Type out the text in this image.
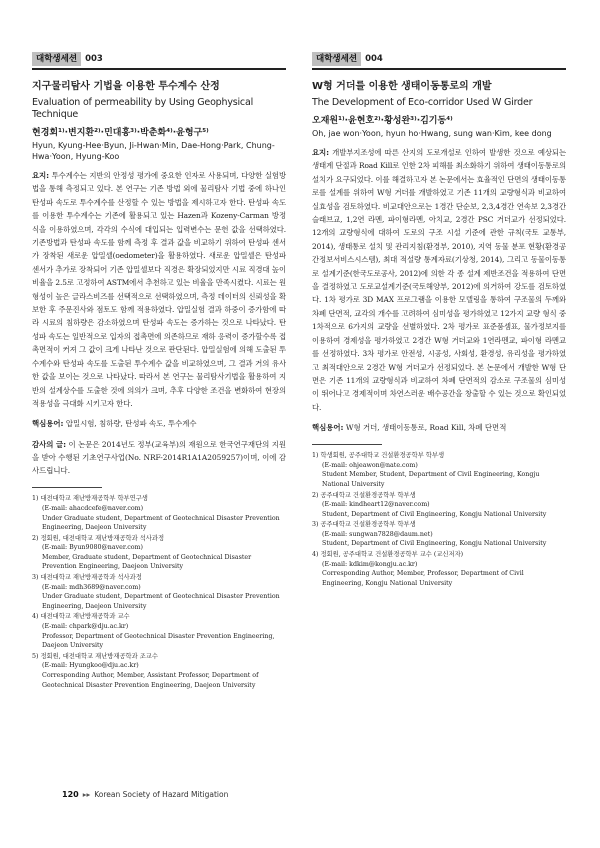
대학생세션 003
지구물리탐사 기법을 이용한 투수계수 산정
Evaluation of permeability by Using Geophysical Technique
현경회¹⁾·변지환²⁾·민대홍³⁾·박춘화⁴⁾·윤형구⁵⁾
Hyun, Kyung-Hee·Byun, Ji-Hwan·Min, Dae-Hong·Park, Chung-Hwa·Yoon, Hyung-Koo
요지: 투수계수는 지반의 안정성 평가에 중요한 인자로 사용되며, 다양한 실험방법을 통해 측정되고 있다. 본 연구는 기존 방법 외에 물리탐사 기법 중에 하나인 탄성파 속도로 투수계수를 산정할 수 있는 방법을 제시하고자 한다. 탄성파 속도를 이용한 투수계수는 기존에 활용되고 있는 Hazen과 Kozeny-Carman 방정식을 이용하였으며, 각각의 수식에 대입되는 입력변수는 문헌 값을 선택하였다. 기존방법과 탄성파 속도를 함께 측정 후 결과 값을 비교하기 위하여 탄성파 센서가 장착된 새로운 압밀셀(oedometer)을 활용하였다. 새로운 압밀셀은 탄성파 센서가 추가로 장착되어 기존 압밀셀보다 직경은 확장되었지만 시료 직경대 높이 비율을 2.5로 고정하여 ASTM에서 추천하고 있는 비율을 만족시켰다. 시료는 원형성이 높은 글라스비즈를 선택적으로 선택하였으며, 측정 데이터의 신뢰성을 확보한 후 주문진사와 점토도 함께 적용하였다. 압밀실험 결과 하중이 증가함에 따라 시료의 침하량은 감소하였으며 탄성파 속도는 증가하는 것으로 나타났다. 탄성파 속도는 일반적으로 입자의 접촉면에 의존하므로 재하 응력이 증가할수록 접촉면적이 커져 그 값이 크게 나타난 것으로 판단된다. 압밀실험에 의해 도출된 투수계수와 탄성파 속도를 도출된 투수계수 값을 비교하였으며, 그 결과 거의 유사한 값을 보이는 것으로 나타났다. 따라서 본 연구는 물리탐사기법을 활용하여 지반의 설계상수를 도출한 것에 의의가 크며, 추후 다양한 조건을 변화하여 현장의 적용성을 극대화 시키고자 한다.
핵심용어: 압밀시험, 침하량, 탄성파 속도, 투수계수
감사의 글: 이 논문은 2014년도 정부(교육부)의 재원으로 한국연구재단의 지원을 받아 수행된 기초연구사업(No. NRF-2014R1A1A2059257)이며, 이에 감사드립니다.
1) 대전대학교 재난방재공학부 학부연구생
(E-mail: ahacdcefe@naver.com)
Under Graduate student, Department of Geotechnical Disaster Prevention Engineering, Daejeon University
2) 정회원, 대전대학교 재난방재공학과 석사과정
(E-mail: Byun9080@naver.com)
Member, Graduate student, Department of Geotechnical Disaster Prevention Engineering, Daejeon University
3) 대전대학교 재난방재공학과 석사과정
(E-mail: mdh3689@naver.com)
Under Graduate student, Department of Geotechnical Disaster Prevention Engineering, Daejeon University
4) 대전대학교 재난방재공학과 교수
(E-mail: chpark@dju.ac.kr)
Professor, Department of Geotechnical Disaster Prevention Engineering, Daejeon University
5) 정회원, 대전대학교 재난방재공학과 조교수
(E-mail: Hyungkoo@dju.ac.kr)
Corresponding Author, Member, Assistant Professor, Department of Geotechnical Disaster Prevention Engineering, Daejeon University
대학생세션 004
W형 거더를 이용한 생태이동통로의 개발
The Development of Eco-corridor Used W Girder
오재원¹⁾·윤현호²⁾·황성완³⁾·김기동⁴⁾
Oh, jae won·Yoon, hyun ho·Hwang, sung wan·Kim, kee dong
요지: 개발부지조성에 따른 산지의 도로개설로 인하여 발생한 것으로 예상되는 생태계 단절과 Road Kill로 인한 2차 피해를 최소화하기 위하여 생태이동통로의 설치가 요구되었다. 이를 해결하고자 본 논문에서는 효율적인 단면의 생태이동통로를 설계를 위하여 W형 거더를 개발하였고 기존 11개의 교량형식과 비교하여 실효성을 검토하였다. 비교대안으로는 1경간 단순보, 2,3,4경간 연속보 2,3경간 슬래브교, 1,2연 라멘, 파이형라멘, 아치교, 2경간 PSC 거더교가 선정되었다. 12개의 교량형식에 대하여 도로의 구조 시설 기준에 관한 규칙(국토 교통부, 2014), 생태통로 설치 및 관리지침(환경부, 2010), 지역 동물 분포 현황(환경공간정보서비스시스템), 최대 적설량 통계자료(기상청, 2014), 그리고 동물이동통로 설계기준(한국도로공사, 2012)에 의한 각 종 설계 제반조건을 적용하여 단면을 결정하였고 도로교설계기준(국토해양부, 2012)에 의거하여 강도를 검토하였다. 1차 평가로 3D MAX 프로그램을 이용한 모델링을 통하여 구조물의 두께와 차폐 단면적, 교각의 개수를 고려하여 심미성을 평가하였고 12가지 교량 형식 중 1차적으로 6가지의 교량을 선별하였다. 2차 평가로 표준품셈표, 물가정보지를 이용하여 경제성을 평가하였고 2경간 W형 거더교와 1연라멘교, 파이형 라멘교를 선정하였다. 3차 평가로 안전성, 시공성, 사회성, 환경성, 유리성을 평가하였고 최적대안으로 2경간 W형 거더교가 선정되었다. 본 논문에서 개발한 W형 단면은 기존 11개의 교량형식과 비교하여 차폐 단면적의 감소로 구조물의 심미성이 뛰어나고 경제적이며 차연스러운 배수공간을 창출할 수 있는 것으로 확인되었다.
핵심용어: W형 거더, 생태이동통로, Road Kill, 차폐 단면적
1) 학생회원, 공주대학교 건설환경공학부 학부생
(E-mail: ohjeawon@nate.com)
Student Member, Student, Department of Civil Engineering, Kongju National University
2) 공주대학교 건설환경공학부 학부생
(E-mail: kindheart12@naver.com)
Student, Department of Civil Engineering, Kongju National University
3) 공주대학교 건설환경공학부 학부생
(E-mail: sungwan7828@daum.net)
Student, Department of Civil Engineering, Kongju National University
4) 정회원, 공주대학교 건설환경공학부 교수 (교신저자)
(E-mail: kdkim@kongju.ac.kr)
Corresponding Author, Member, Professor, Department of Civil Engineering, Kongju National University
120 ▸▸ Korean Society of Hazard Mitigation
